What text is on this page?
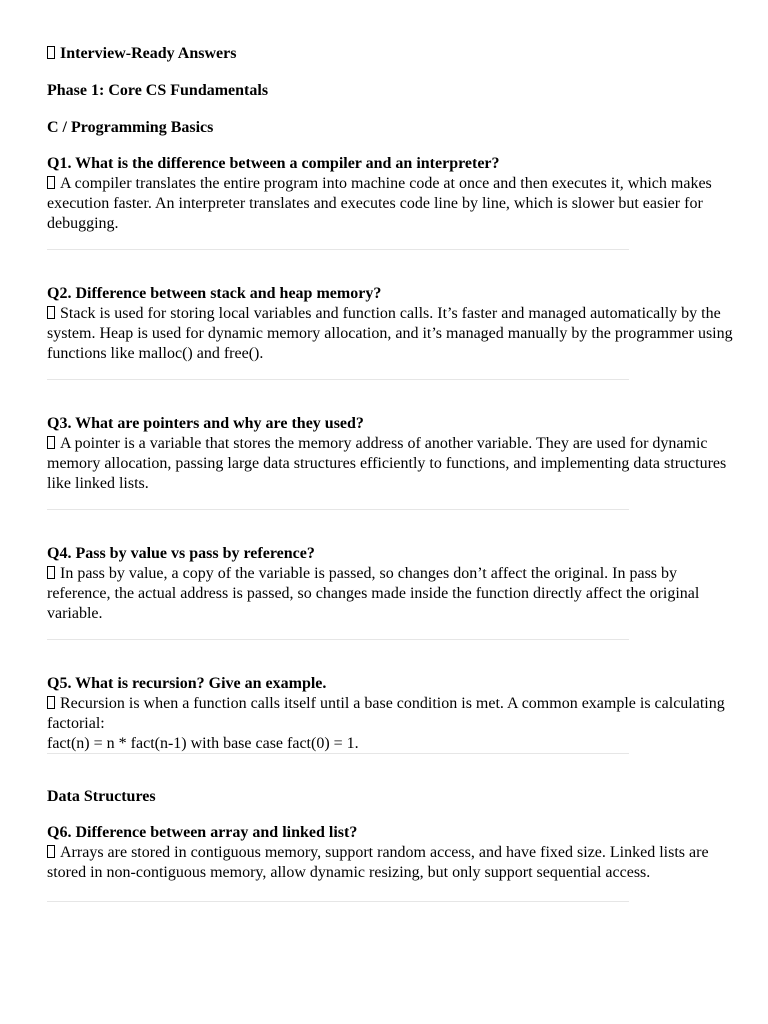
Interview-Ready Answers
Phase 1: Core CS Fundamentals
C / Programming Basics
Q1. What is the difference between a compiler and an interpreter?
A compiler translates the entire program into machine code at once and then executes it, which makes execution faster. An interpreter translates and executes code line by line, which is slower but easier for debugging.
Q2. Difference between stack and heap memory?
Stack is used for storing local variables and function calls. It’s faster and managed automatically by the system. Heap is used for dynamic memory allocation, and it’s managed manually by the programmer using functions like malloc() and free().
Q3. What are pointers and why are they used?
A pointer is a variable that stores the memory address of another variable. They are used for dynamic memory allocation, passing large data structures efficiently to functions, and implementing data structures like linked lists.
Q4. Pass by value vs pass by reference?
In pass by value, a copy of the variable is passed, so changes don’t affect the original. In pass by reference, the actual address is passed, so changes made inside the function directly affect the original variable.
Q5. What is recursion? Give an example.
Recursion is when a function calls itself until a base condition is met. A common example is calculating factorial:
fact(n) = n * fact(n-1) with base case fact(0) = 1.
Data Structures
Q6. Difference between array and linked list?
Arrays are stored in contiguous memory, support random access, and have fixed size. Linked lists are stored in non-contiguous memory, allow dynamic resizing, but only support sequential access.
